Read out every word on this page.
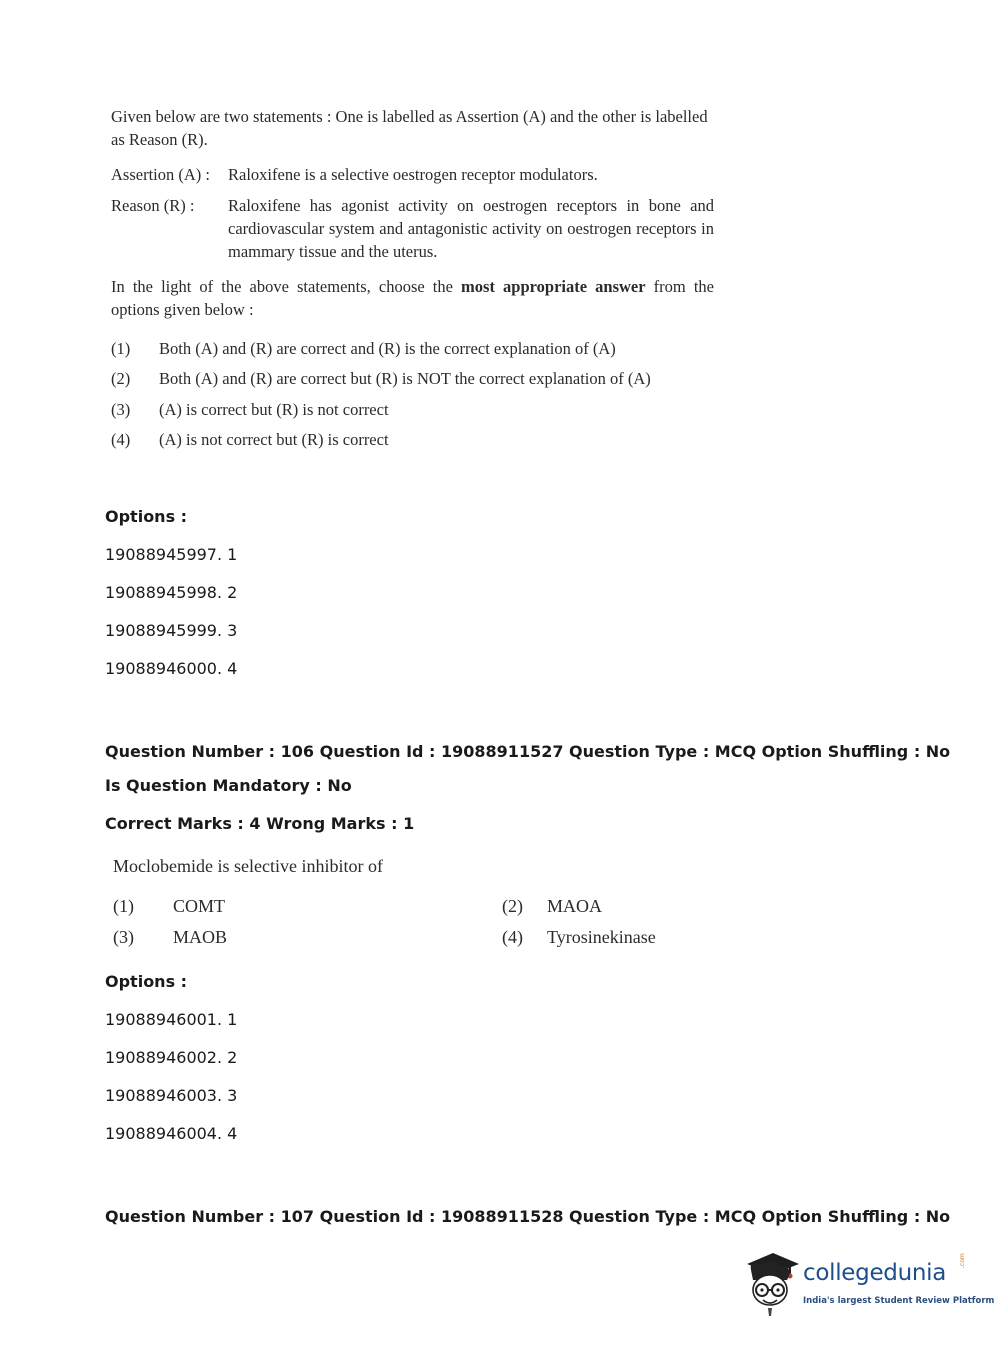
Given below are two statements : One is labelled as Assertion (A) and the other is labelled as Reason (R).

Assertion (A) :	Raloxifene is a selective oestrogen receptor modulators.
Reason (R) :	Raloxifene has agonist activity on oestrogen receptors in bone and cardiovascular system and antagonistic activity on oestrogen receptors in mammary tissue and the uterus.
In the light of the above statements, choose the most appropriate answer from the options given below :
(1)	Both (A) and (R) are correct and (R) is the correct explanation of (A)
(2)	Both (A) and (R) are correct but (R) is NOT the correct explanation of (A)
(3)	(A) is correct but (R) is not correct
(4)	(A) is not correct but (R) is correct
Options :
19088945997. 1
19088945998. 2
19088945999. 3
19088946000. 4
Question Number : 106 Question Id : 19088911527 Question Type : MCQ Option Shuffling : No
Is Question Mandatory : No
Correct Marks : 4 Wrong Marks : 1
Moclobemide is selective inhibitor of
(1) COMT	(2) MAOA
(3) MAOB	(4) Tyrosinekinase
Options :
19088946001. 1
19088946002. 2
19088946003. 3
19088946004. 4
Question Number : 107 Question Id : 19088911528 Question Type : MCQ Option Shuffling : No
collegedunia .com
India's largest Student Review Platform
